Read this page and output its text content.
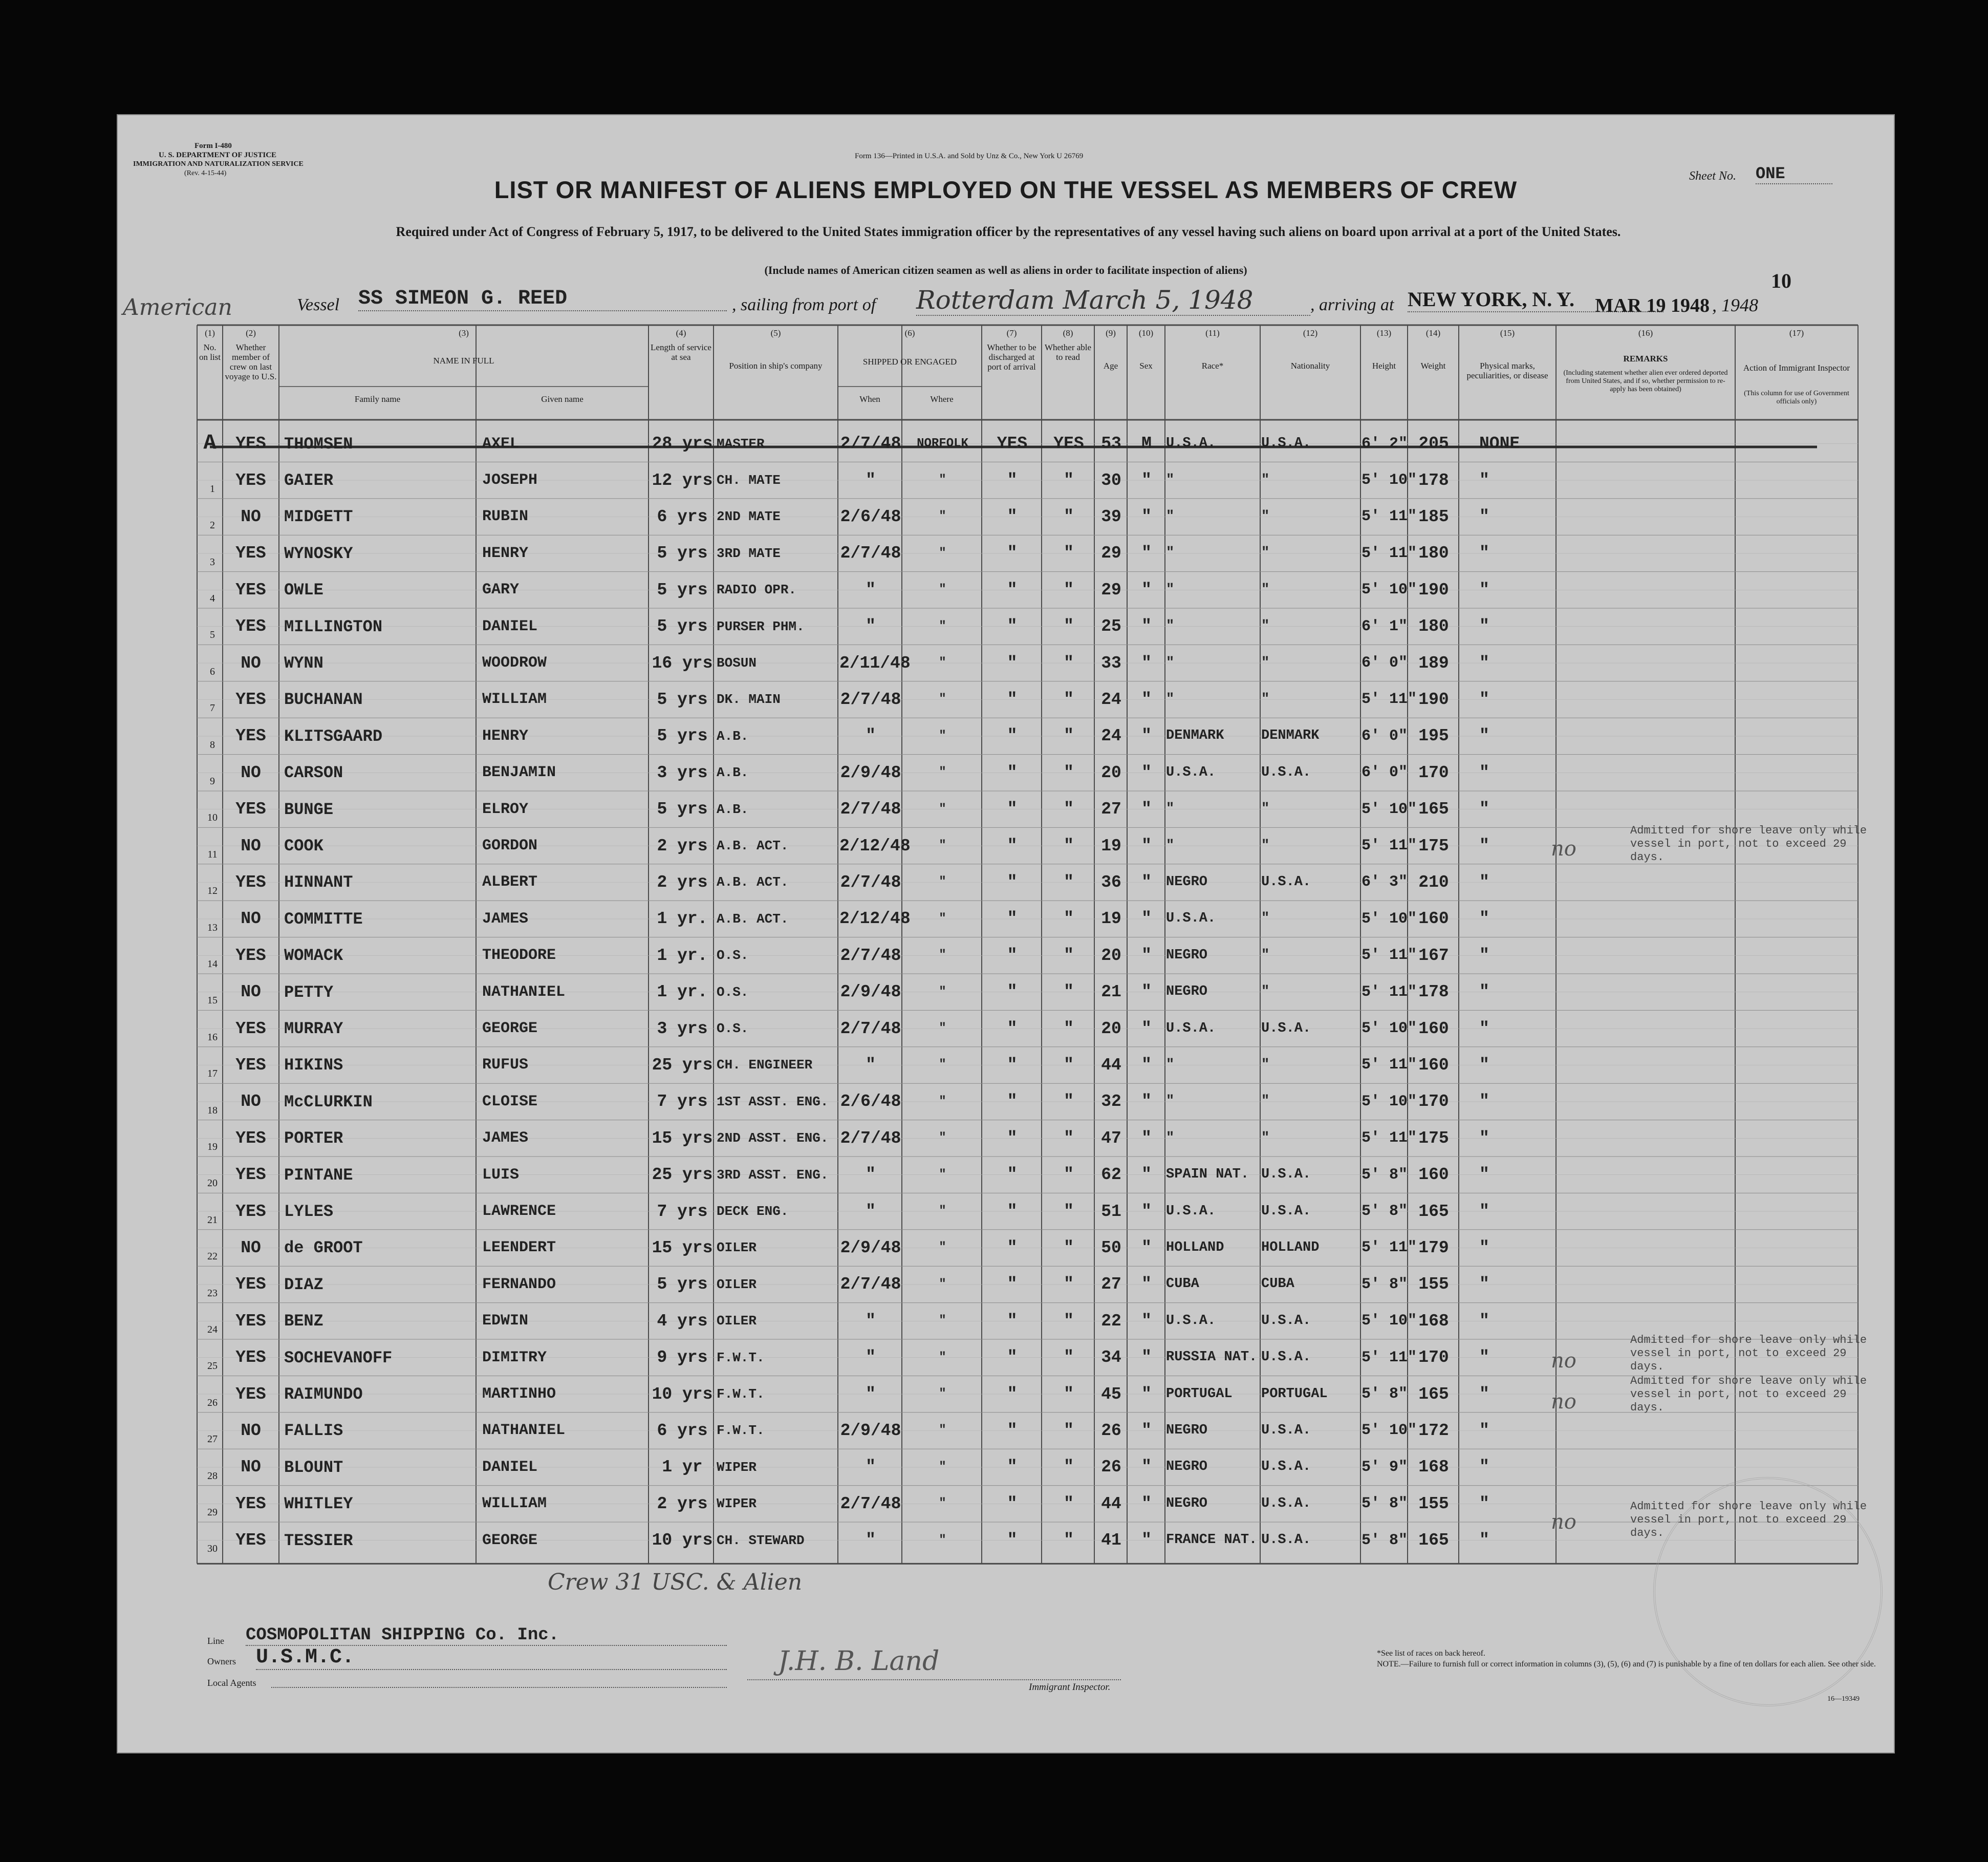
Form I-480
U. S. DEPARTMENT OF JUSTICE
IMMIGRATION AND NATURALIZATION SERVICE
(Rev. 4-15-44)
Form 136—Printed in U.S.A. and Sold by Unz & Co., New York U 26769
Sheet No. ONE
LIST OR MANIFEST OF ALIENS EMPLOYED ON THE VESSEL AS MEMBERS OF CREW
Required under Act of Congress of February 5, 1917, to be delivered to the United States immigration officer by the representatives of any vessel having such aliens on board upon arrival at a port of the United States.
(Include names of American citizen seamen as well as aliens in order to facilitate inspection of aliens)	10
American	Vessel SS SIMEON G. REED	, sailing from port of Rotterdam March 5, 1948	, arriving at NEW YORK, N. Y.	MAR 19 1948 , 1948
(1)
No. on list
(2)
Whether member of crew on last voyage to U.S.
(3)
NAME IN FULL
(4)
Length of service at sea
(5)
Position in ship's company
(6)
SHIPPED OR ENGAGED
(7)
Whether to be discharged at port of arrival
(8)
Whether able to read
(9)
Age
(10)
Sex
(11)
Race*
(12)
Nationality
(13)
Height
(14)
Weight
(15)
Physical marks, peculiarities, or disease
(16)
REMARKS
(17)
Action of Immigrant Inspector
Family name	Given name	When	Where
(Including statement whether alien ever ordered deported from United States, and if so, whether permission to re-apply has been obtained)
(This column for use of Government officials only)
A	YES	THOMSEN	AXEL	28 yrs MASTER	2/7/48	NORFOLK	YES	YES	53	M	U.S.A.	U.S.A.	6' 2" 205	NONE
1	YES	GAIER	JOSEPH	12 yrs CH. MATE	"	"	"	"	30	"	"	"	5' 10" 178	"
2	NO	MIDGETT	RUBIN	6 yrs 2ND MATE	2/6/48	"	"	"	39	"	"	"	5' 11" 185	"
3	YES	WYNOSKY	HENRY	5 yrs 3RD MATE	2/7/48	"	"	"	29	"	"	"	5' 11" 180	"
4	YES	OWLE	GARY	5 yrs RADIO OPR.	"	"	"	"	29	"	"	"	5' 10" 190	"
5	YES	MILLINGTON	DANIEL	5 yrs PURSER PHM.	"	"	"	"	25	"	"	"	6' 1" 180	"
6	NO	WYNN	WOODROW	16 yrs BOSUN	2/11/48	"	"	"	33	"	"	"	6' 0" 189	"
7	YES	BUCHANAN	WILLIAM	5 yrs DK. MAIN	2/7/48	"	"	"	24	"	"	"	5' 11" 190	"
8	YES	KLITSGAARD	HENRY	5 yrs A.B.	"	"	"	"	24	"	DENMARK	DENMARK	6' 0" 195	"
9	NO	CARSON	BENJAMIN	3 yrs A.B.	2/9/48	"	"	"	20	"	U.S.A.	U.S.A.	6' 0" 170	"
10	YES	BUNGE	ELROY	5 yrs A.B.	2/7/48	"	"	"	27	"	"	"	5' 10" 165	"
11	NO	COOK	GORDON	2 yrs A.B. ACT.	2/12/48	"	"	"	19	"	"	"	5' 11" 175	"
12	YES	HINNANT	ALBERT	2 yrs A.B. ACT.	2/7/48	"	"	"	36	"	NEGRO	U.S.A.	6' 3" 210	"
13	NO	COMMITTE	JAMES	1 yr. A.B. ACT.	2/12/48	"	"	"	19	"	U.S.A.	"	5' 10" 160	"
14	YES	WOMACK	THEODORE	1 yr. O.S.	2/7/48	"	"	"	20	"	NEGRO	"	5' 11" 167	"
15	NO	PETTY	NATHANIEL	1 yr. O.S.	2/9/48	"	"	"	21	"	NEGRO	"	5' 11" 178	"
16	YES	MURRAY	GEORGE	3 yrs O.S.	2/7/48	"	"	"	20	"	U.S.A.	U.S.A.	5' 10" 160	"
17	YES	HIKINS	RUFUS	25 yrs CH. ENGINEER	"	"	"	"	44	"	"	"	5' 11" 160	"
18	NO	McCLURKIN	CLOISE	7 yrs 1ST ASST. ENG. 2/6/48	"	"	"	32	"	"	"	5' 10" 170	"
19	YES	PORTER	JAMES	15 yrs 2ND ASST. ENG. 2/7/48	"	"	"	47	"	"	"	5' 11" 175	"
20	YES	PINTANE	LUIS	25 yrs 3RD ASST. ENG.	"	"	"	"	62	"	SPAIN NAT. U.S.A.	5' 8" 160	"
21	YES	LYLES	LAWRENCE	7 yrs DECK ENG.	"	"	"	"	51	"	U.S.A.	U.S.A.	5' 8" 165	"
22	NO	de GROOT	LEENDERT	15 yrs OILER	2/9/48	"	"	"	50	"	HOLLAND	HOLLAND	5' 11" 179	"
23	YES	DIAZ	FERNANDO	5 yrs OILER	2/7/48	"	"	"	27	"	CUBA	CUBA	5' 8" 155	"
24	YES	BENZ	EDWIN	4 yrs OILER	"	"	"	"	22	"	U.S.A.	U.S.A.	5' 10" 168	"
25	YES	SOCHEVANOFF	DIMITRY	9 yrs F.W.T.	"	"	"	"	34	"	RUSSIA NAT. U.S.A.	5' 11" 170	"
26	YES	RAIMUNDO	MARTINHO	10 yrs F.W.T.	"	"	"	"	45	"	PORTUGAL	PORTUGAL	5' 8" 165	"
27	NO	FALLIS	NATHANIEL	6 yrs F.W.T.	2/9/48	"	"	"	26	"	NEGRO	U.S.A.	5' 10" 172	"
28	NO	BLOUNT	DANIEL	1 yr	WIPER	"	"	"	"	26	"	NEGRO	U.S.A.	5' 9" 168	"
29	YES	WHITLEY	WILLIAM	2 yrs WIPER	2/7/48	"	"	"	44	"	NEGRO	U.S.A.	5' 8" 155	"
30	YES	TESSIER	GEORGE	10 yrs CH. STEWARD	"	"	"	"	41	"	FRANCE NAT. U.S.A.	5' 8" 165	"
Admitted for shore leave only while vessel in port, not to exceed 29 days.
no
Admitted for shore leave only while vessel in port, not to exceed 29 days.
no
Admitted for shore leave only while vessel in port, not to exceed 29 days.
no
Admitted for shore leave only while vessel in port, not to exceed 29 days.
no
Crew 31 USC. & Alien
Line COSMOPOLITAN SHIPPING Co. Inc.
Owners U.S.M.C.
Local Agents
J.H. B. Land
Immigrant Inspector.
*See list of races on back hereof.
NOTE.—Failure to furnish full or correct information in columns (3), (5), (6) and (7) is punishable by a fine of ten dollars for each alien. See other side.
16—19349
